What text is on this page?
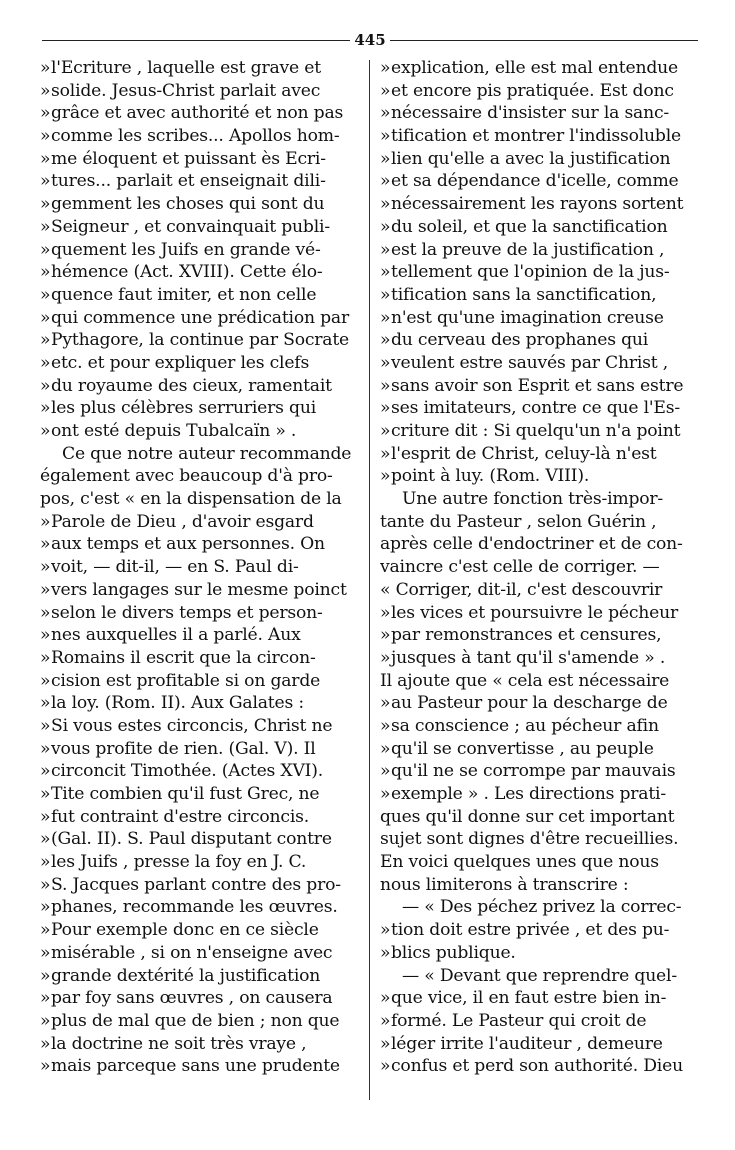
445
»l'Ecriture , laquelle est grave et
»solide. Jesus-Christ parlait avec
»grâce et avec authorité et non pas
»comme les scribes... Apollos hom-
»me éloquent et puissant ès Ecri-
»tures... parlait et enseignait dili-
»gemment les choses qui sont du
»Seigneur , et convainquait publi-
»quement les Juifs en grande vé-
»hémence (Act. XVIII). Cette élo-
»quence faut imiter, et non celle
»qui commence une prédication par
»Pythagore, la continue par Socrate
»etc. et pour expliquer les clefs
»du royaume des cieux, ramentait
»les plus célèbres serruriers qui
»ont esté depuis Tubalcaïn » .
Ce que notre auteur recommande
également avec beaucoup d'à pro-
pos, c'est « en la dispensation de la
»Parole de Dieu , d'avoir esgard
»aux temps et aux personnes. On
»voit, — dit-il, — en S. Paul di-
»vers langages sur le mesme poinct
»selon le divers temps et person-
»nes auxquelles il a parlé. Aux
»Romains il escrit que la circon-
»cision est profitable si on garde
»la loy. (Rom. II). Aux Galates :
»Si vous estes circoncis, Christ ne
»vous profite de rien. (Gal. V). Il
»circoncit Timothée. (Actes XVI).
»Tite combien qu'il fust Grec, ne
»fut contraint d'estre circoncis.
»(Gal. II). S. Paul disputant contre
»les Juifs , presse la foy en J. C.
»S. Jacques parlant contre des pro-
»phanes, recommande les œuvres.
»Pour exemple donc en ce siècle
»misérable , si on n'enseigne avec
»grande dextérité la justification
»par foy sans œuvres , on causera
»plus de mal que de bien ; non que
»la doctrine ne soit très vraye ,
»mais parceque sans une prudente
»explication, elle est mal entendue
»et encore pis pratiquée. Est donc
»nécessaire d'insister sur la sanc-
»tification et montrer l'indissoluble
»lien qu'elle a avec la justification
»et sa dépendance d'icelle, comme
»nécessairement les rayons sortent
»du soleil, et que la sanctification
»est la preuve de la justification ,
»tellement que l'opinion de la jus-
»tification sans la sanctification,
»n'est qu'une imagination creuse
»du cerveau des prophanes qui
»veulent estre sauvés par Christ ,
»sans avoir son Esprit et sans estre
»ses imitateurs, contre ce que l'Es-
»criture dit : Si quelqu'un n'a point
»l'esprit de Christ, celuy-là n'est
»point à luy. (Rom. VIII).
Une autre fonction très-impor-
tante du Pasteur , selon Guérin ,
après celle d'endoctriner et de con-
vaincre c'est celle de corriger. —
« Corriger, dit-il, c'est descouvrir
»les vices et poursuivre le pécheur
»par remonstrances et censures,
»jusques à tant qu'il s'amende » .
Il ajoute que « cela est nécessaire
»au Pasteur pour la descharge de
»sa conscience ; au pécheur afin
»qu'il se convertisse , au peuple
»qu'il ne se corrompe par mauvais
»exemple » . Les directions prati-
ques qu'il donne sur cet important
sujet sont dignes d'être recueillies.
En voici quelques unes que nous
nous limiterons à transcrire :
— « Des péchez privez la correc-
»tion doit estre privée , et des pu-
»blics publique.
— « Devant que reprendre quel-
»que vice, il en faut estre bien in-
»formé. Le Pasteur qui croit de
»léger irrite l'auditeur , demeure
»confus et perd son authorité. Dieu
